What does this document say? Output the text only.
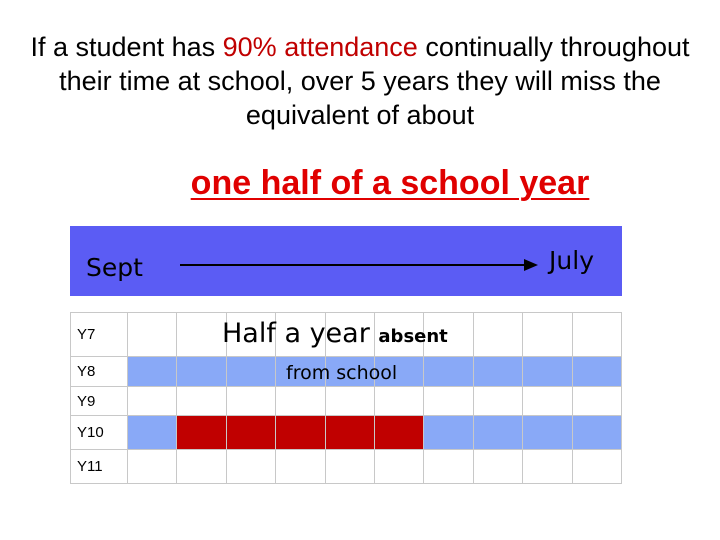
If a student has 90% attendance continually throughout their time at school, over 5 years they will miss the equivalent of about

one half of a school year

Sept	July
Y7										
Y8										
Y9										
Y10										
Y11										
Half a year absent
from school
